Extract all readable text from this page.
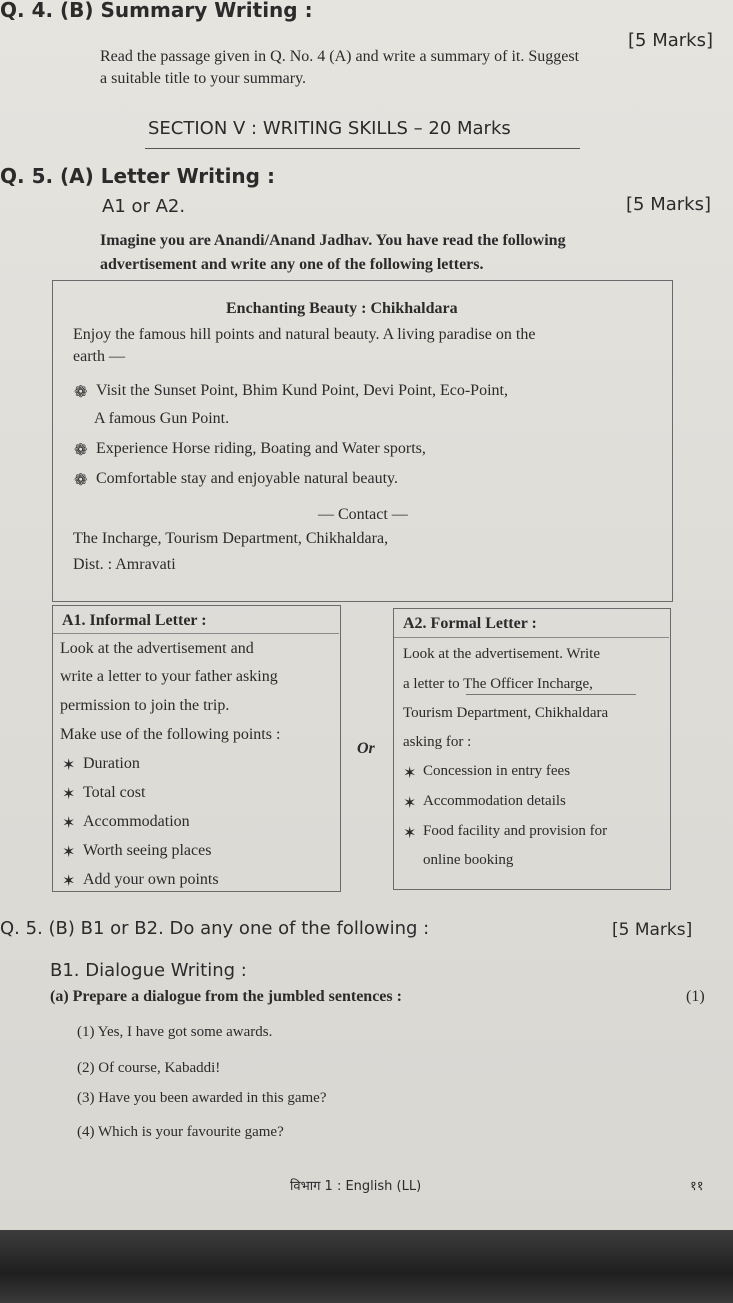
Q. 4. (B) Summary Writing :
[5 Marks]
Read the passage given in Q. No. 4 (A) and write a summary of it. Suggest
a suitable title to your summary.
SECTION V : WRITING SKILLS – 20 Marks
Q. 5. (A) Letter Writing :
A1 or A2.	[5 Marks]
Imagine you are Anandi/Anand Jadhav. You have read the following
advertisement and write any one of the following letters.
Enchanting Beauty : Chikhaldara
Enjoy the famous hill points and natural beauty. A living paradise on the
earth —
❁ Visit the Sunset Point, Bhim Kund Point, Devi Point, Eco-Point,
A famous Gun Point.
❁ Experience Horse riding, Boating and Water sports,
❁ Comfortable stay and enjoyable natural beauty.
— Contact —
The Incharge, Tourism Department, Chikhaldara,
Dist. : Amravati
A1. Informal Letter :
Look at the advertisement and
write a letter to your father asking
permission to join the trip.
Make use of the following points :
✶ Duration
✶ Total cost
✶ Accommodation
✶ Worth seeing places
✶ Add your own points
Or
A2. Formal Letter :
Look at the advertisement. Write
a letter to The Officer Incharge,
Tourism Department, Chikhaldara
asking for :
✶ Concession in entry fees
✶ Accommodation details
✶ Food facility and provision for
online booking
Q. 5. (B) B1 or B2. Do any one of the following :	[5 Marks]
B1. Dialogue Writing :
(a) Prepare a dialogue from the jumbled sentences :	(1)
(1) Yes, I have got some awards.
(2) Of course, Kabaddi!
(3) Have you been awarded in this game?
(4) Which is your favourite game?
विभाग 1 : English (LL)	११
